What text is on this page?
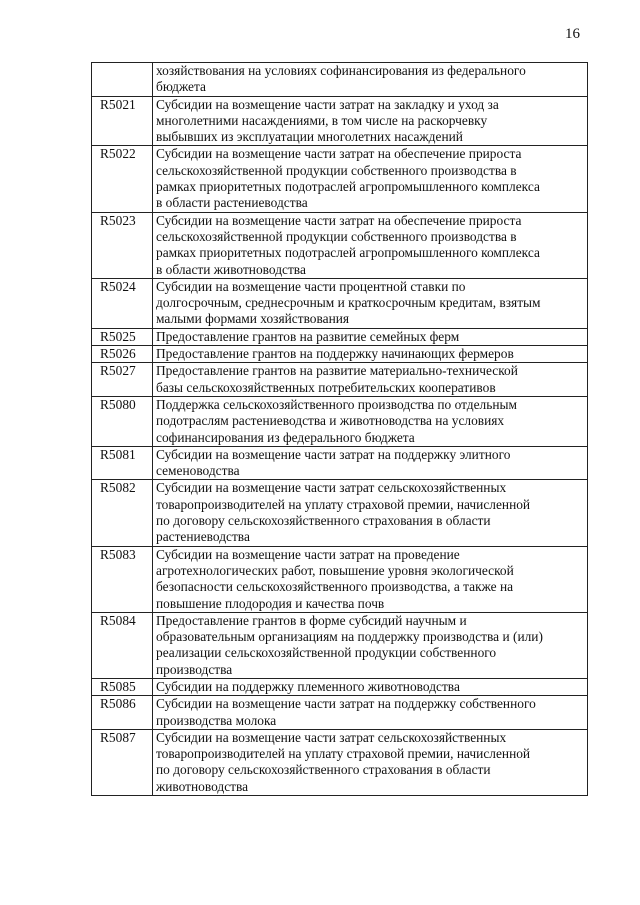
16

	хозяйствования на условиях софинансирования из федерального
бюджета

R5021	Субсидии на возмещение части затрат на закладку и уход за
многолетними насаждениями, в том числе на раскорчевку
выбывших из эксплуатации многолетних насаждений

R5022	Субсидии на возмещение части затрат на обеспечение прироста
сельскохозяйственной продукции собственного производства в
рамках приоритетных подотраслей агропромышленного комплекса
в области растениеводства

R5023	Субсидии на возмещение части затрат на обеспечение прироста
сельскохозяйственной продукции собственного производства в
рамках приоритетных подотраслей агропромышленного комплекса
в области животноводства

R5024	Субсидии на возмещение части процентной ставки по
долгосрочным, среднесрочным и краткосрочным кредитам, взятым
малыми формами хозяйствования

R5025	Предоставление грантов на развитие семейных ферм

R5026	Предоставление грантов на поддержку начинающих фермеров

R5027	Предоставление грантов на развитие материально-технической
базы сельскохозяйственных потребительских кооперативов

R5080	Поддержка сельскохозяйственного производства по отдельным
подотраслям растениеводства и животноводства на условиях
софинансирования из федерального бюджета

R5081	Субсидии на возмещение части затрат на поддержку элитного
семеноводства

R5082	Субсидии на возмещение части затрат сельскохозяйственных
товаропроизводителей на уплату страховой премии, начисленной
по договору сельскохозяйственного страхования в области
растениеводства

R5083	Субсидии на возмещение части затрат на проведение
агротехнологических работ, повышение уровня экологической
безопасности сельскохозяйственного производства, а также на
повышение плодородия и качества почв

R5084	Предоставление грантов в форме субсидий научным и
образовательным организациям на поддержку производства и (или)
реализации сельскохозяйственной продукции собственного
производства

R5085	Субсидии на поддержку племенного животноводства

R5086	Субсидии на возмещение части затрат на поддержку собственного
производства молока

R5087	Субсидии на возмещение части затрат сельскохозяйственных
товаропроизводителей на уплату страховой премии, начисленной
по договору сельскохозяйственного страхования в области
животноводства
